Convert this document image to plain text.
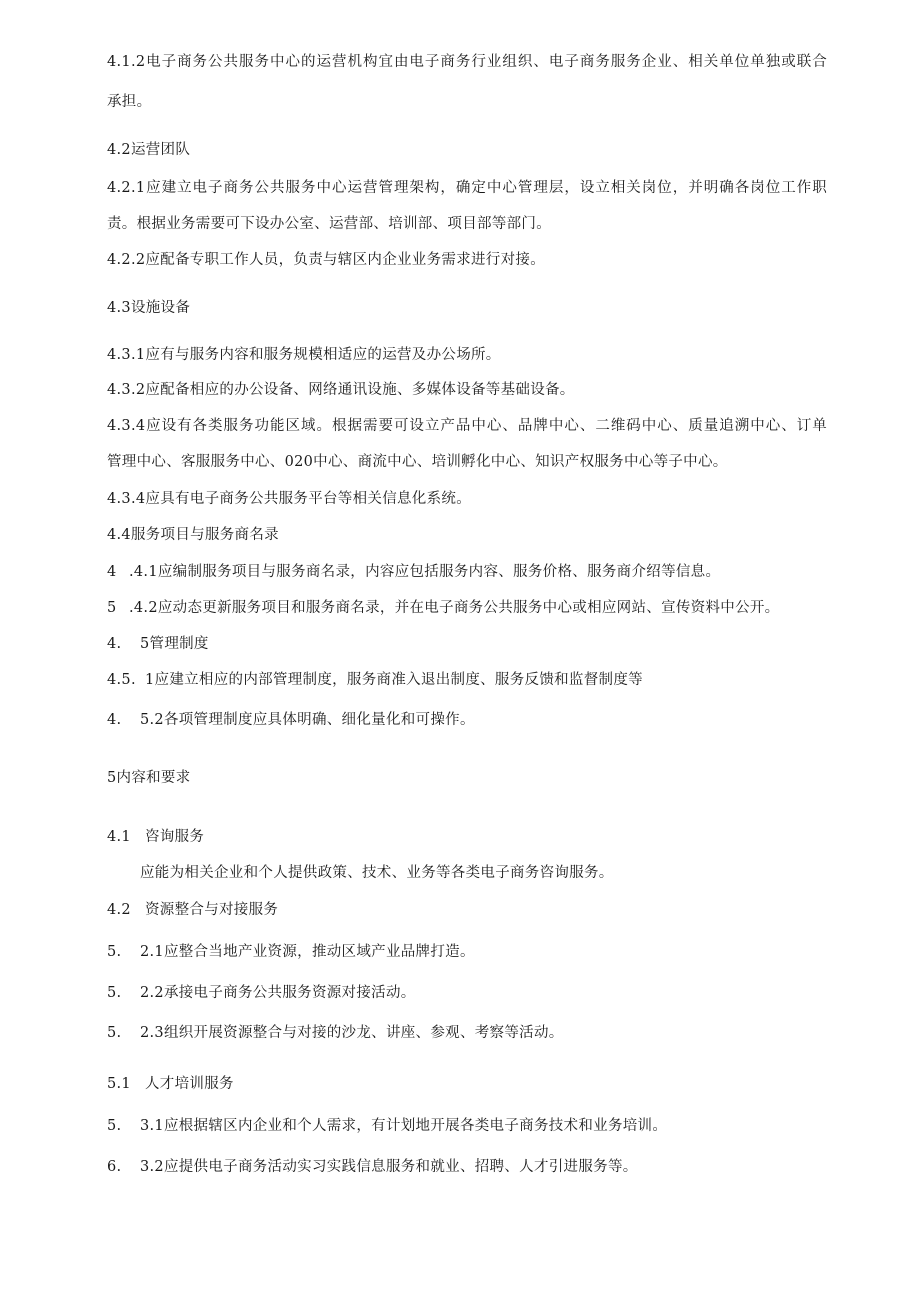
4.1.2电子商务公共服务中心的运营机构宜由电子商务行业组织、电子商务服务企业、相关单位单独或联合
承担。
4.2运营团队
4.2.1应建立电子商务公共服务中心运营管理架构，确定中心管理层，设立相关岗位，并明确各岗位工作职
责。根据业务需要可下设办公室、运营部、培训部、项目部等部门。
4.2.2应配备专职工作人员，负责与辖区内企业业务需求进行对接。
4.3设施设备
4.3.1应有与服务内容和服务规模相适应的运营及办公场所。
4.3.2应配备相应的办公设备、网络通讯设施、多媒体设备等基础设备。
4.3.4应设有各类服务功能区域。根据需要可设立产品中心、品牌中心、二维码中心、质量追溯中心、订单
管理中心、客服服务中心、020中心、商流中心、培训孵化中心、知识产权服务中心等子中心。
4.3.4应具有电子商务公共服务平台等相关信息化系统。
4.4服务项目与服务商名录
4 .4.1应编制服务项目与服务商名录，内容应包括服务内容、服务价格、服务商介绍等信息。
5 .4.2应动态更新服务项目和服务商名录，并在电子商务公共服务中心或相应网站、宣传资料中公开。
4. 5管理制度
4.5. 1应建立相应的内部管理制度，服务商准入退出制度、服务反馈和监督制度等
4. 5.2各项管理制度应具体明确、细化量化和可操作。
5内容和要求
4.1 咨询服务
应能为相关企业和个人提供政策、技术、业务等各类电子商务咨询服务。
4.2 资源整合与对接服务
5. 2.1应整合当地产业资源，推动区域产业品牌打造。
5. 2.2承接电子商务公共服务资源对接活动。
5. 2.3组织开展资源整合与对接的沙龙、讲座、参观、考察等活动。
5.1 人才培训服务
5. 3.1应根据辖区内企业和个人需求，有计划地开展各类电子商务技术和业务培训。
6. 3.2应提供电子商务活动实习实践信息服务和就业、招聘、人才引进服务等。
